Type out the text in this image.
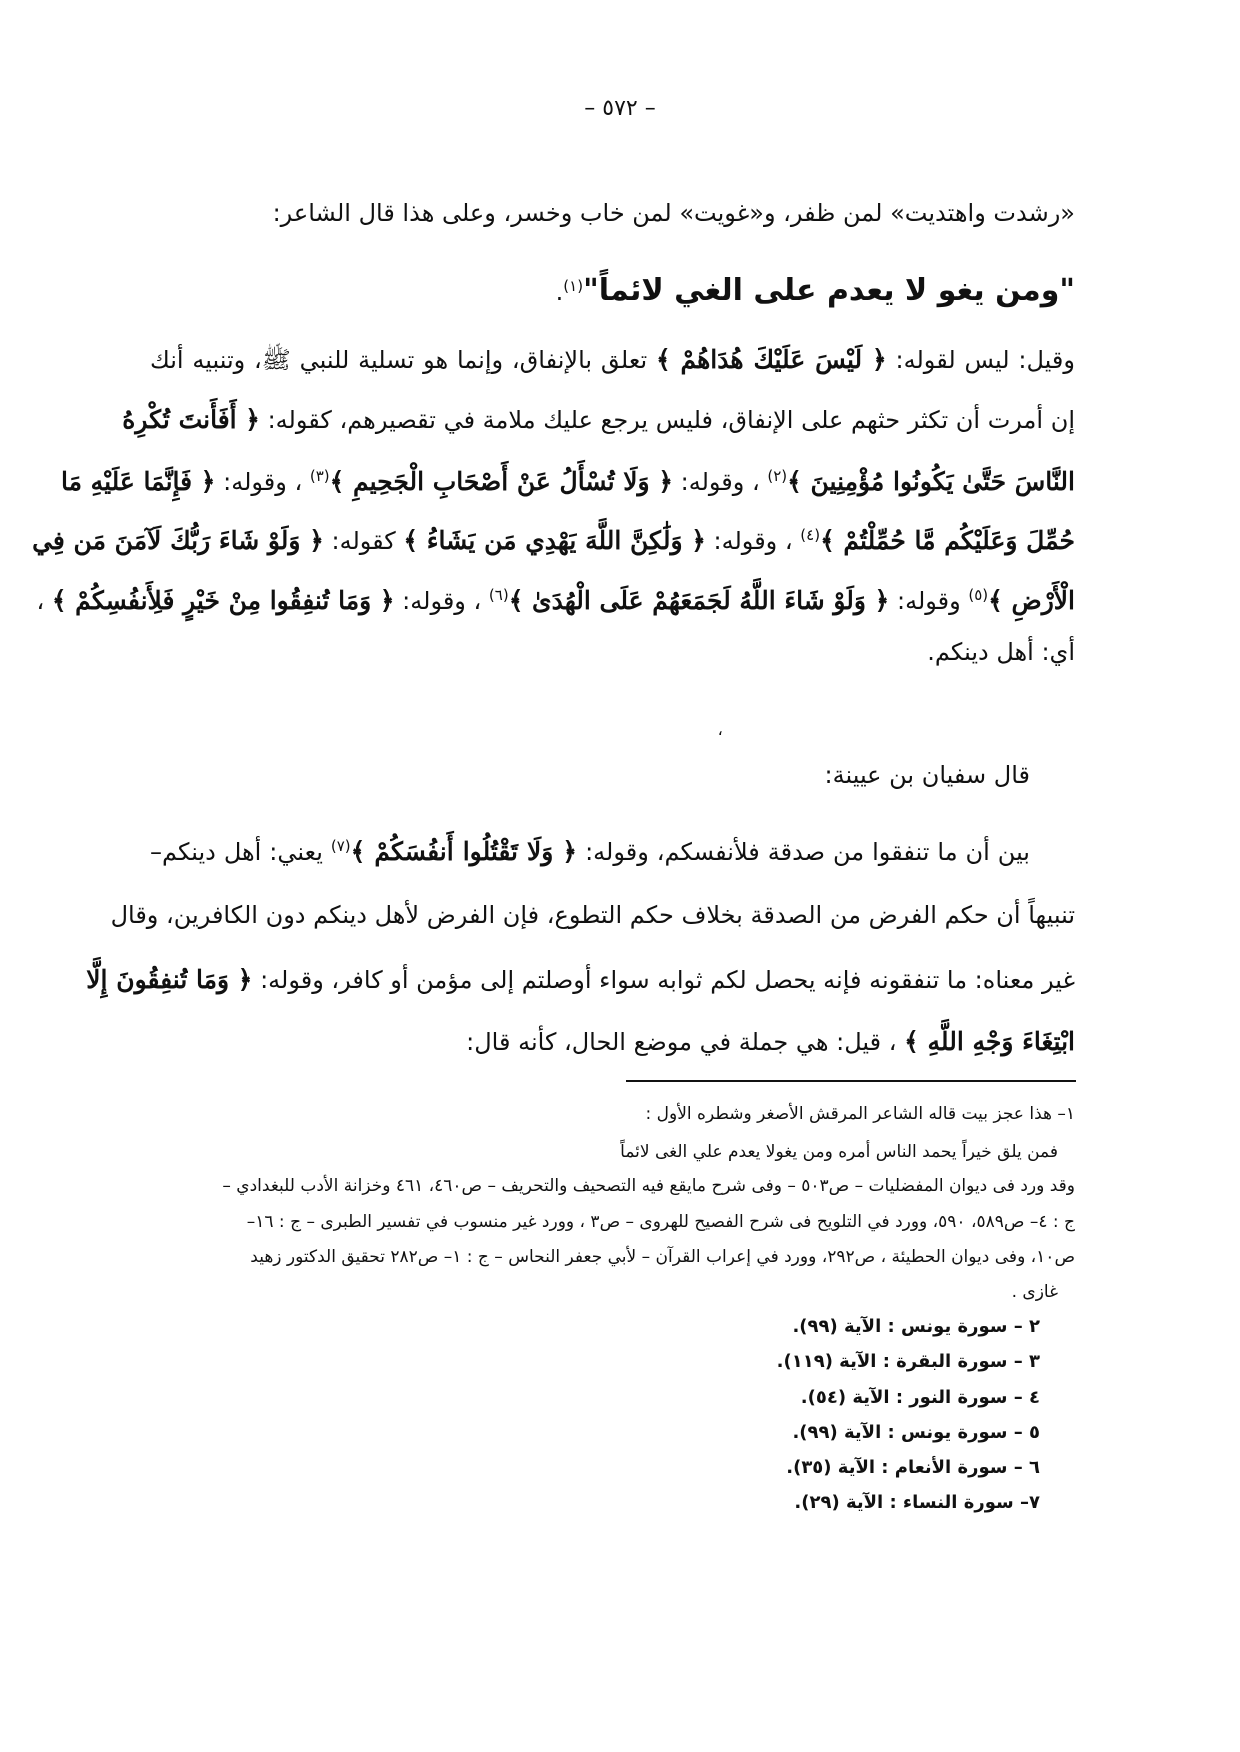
– ٥٧٢ –
«رشدت واهتديت» لمن ظفر، و«غويت» لمن خاب وخسر، وعلى هذا قال الشاعر:
"ومن يغو لا يعدم على الغي لائماً"$^{(١)}$.
وقيل: ليس لقوله: ﴿ لَيْسَ عَلَيْكَ هُدَاهُمْ ﴾ تعلق بالإنفاق، وإنما هو تسلية للنبي ﷺ، وتنبيه أنك
إن أمرت أن تكثر حثهم على الإنفاق، فليس يرجع عليك ملامة في تقصيرهم، كقوله: ﴿ أَفَأَنتَ تُكْرِهُ
النَّاسَ حَتَّىٰ يَكُونُوا مُؤْمِنِينَ ﴾$^{(٢)}$ ، وقوله: ﴿ وَلَا تُسْأَلُ عَنْ أَصْحَابِ الْجَحِيمِ ﴾$^{(٣)}$ ، وقوله: ﴿ فَإِنَّمَا عَلَيْهِ مَا
حُمِّلَ وَعَلَيْكُم مَّا حُمِّلْتُمْ ﴾$^{(٤)}$ ، وقوله: ﴿ وَلَٰكِنَّ اللَّهَ يَهْدِي مَن يَشَاءُ ﴾ كقوله: ﴿ وَلَوْ شَاءَ رَبُّكَ لَآمَنَ مَن فِي
الْأَرْضِ ﴾$^{(٥)}$ وقوله: ﴿ وَلَوْ شَاءَ اللَّهُ لَجَمَعَهُمْ عَلَى الْهُدَىٰ ﴾$^{(٦)}$ ، وقوله: ﴿ وَمَا تُنفِقُوا مِنْ خَيْرٍ فَلِأَنفُسِكُمْ ﴾ ،
أي: أهل دينكم.
ʻ
قال سفيان بن عيينة:
بين أن ما تنفقوا من صدقة فلأنفسكم، وقوله: ﴿ وَلَا تَقْتُلُوا أَنفُسَكُمْ ﴾$^{(٧)}$ يعني: أهل دينكم–
تنبيهاً أن حكم الفرض من الصدقة بخلاف حكم التطوع، فإن الفرض لأهل دينكم دون الكافرين، وقال
غير معناه: ما تنفقونه فإنه يحصل لكم ثوابه سواء أوصلتم إلى مؤمن أو كافر، وقوله: ﴿ وَمَا تُنفِقُونَ إِلَّا
ابْتِغَاءَ وَجْهِ اللَّهِ ﴾ ، قيل: هي جملة في موضع الحال، كأنه قال:
١– هذا عجز بيت قاله الشاعر المرقش الأصغر وشطره الأول :
فمن يلق خيراً يحمد الناس أمره ومن يغولا يعدم علي الغى لائماً
وقد ورد فى ديوان المفضليات – ص٥٠٣ – وفى شرح مايقع فيه التصحيف والتحريف – ص٤٦٠، ٤٦١ وخزانة الأدب للبغدادي –
ج : ٤– ص٥٨٩، ٥٩٠، وورد في التلويح فى شرح الفصيح للهروى – ص٣ ، وورد غير منسوب في تفسير الطبرى – ج : ١٦–
ص١٠، وفى ديوان الحطيئة ، ص٢٩٢، وورد في إعراب القرآن – لأبي جعفر النحاس – ج : ١– ص٢٨٢ تحقيق الدكتور زهيد
غازى .
٢ – سورة يونس : الآية (٩٩).
٣ – سورة البقرة : الآية (١١٩).
٤ – سورة النور : الآية (٥٤).
٥ – سورة يونس : الآية (٩٩).
٦ – سورة الأنعام : الآية (٣٥).
٧– سورة النساء : الآية (٢٩).
